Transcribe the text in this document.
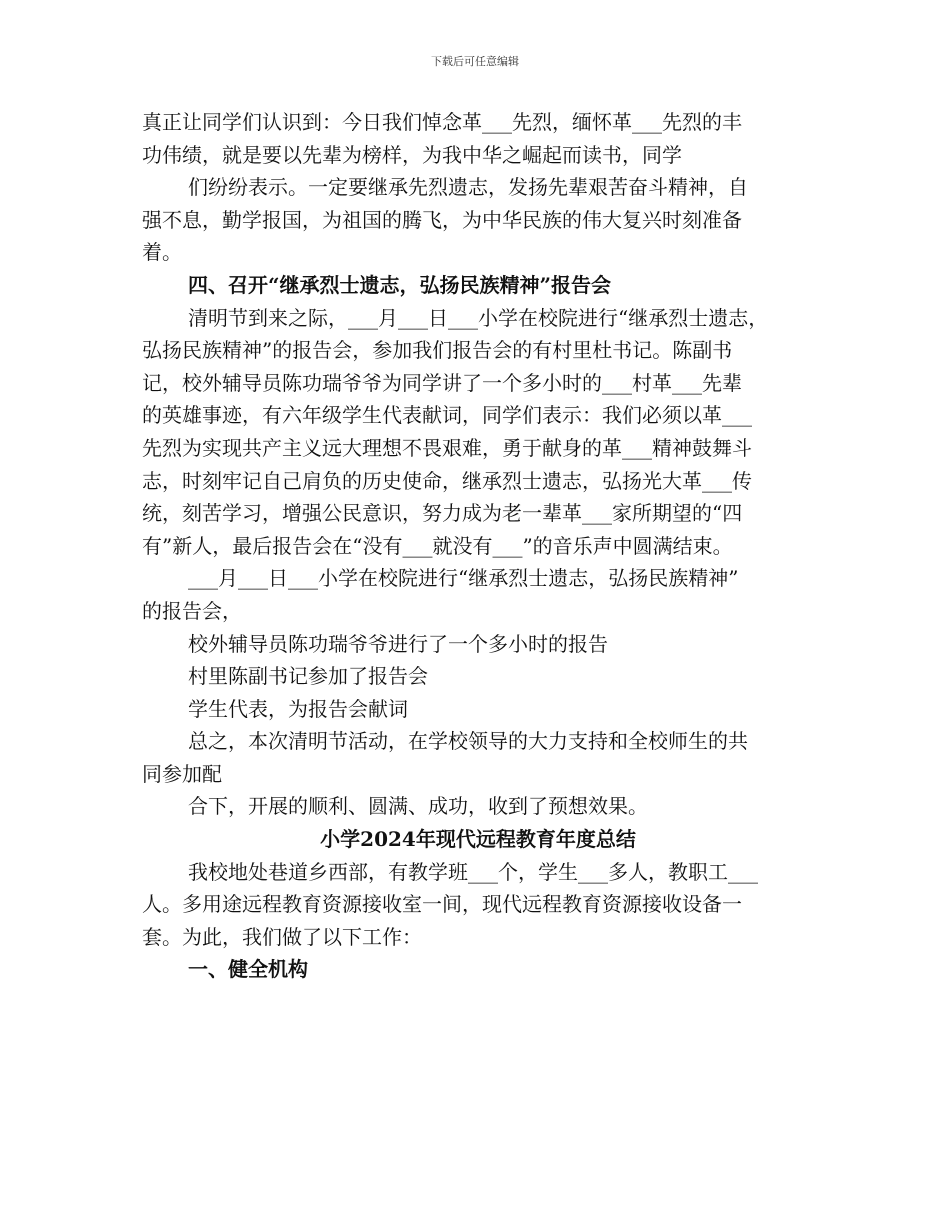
下载后可任意编辑
真正让同学们认识到：今日我们悼念革___先烈，缅怀革___先烈的丰
功伟绩，就是要以先辈为榜样，为我中华之崛起而读书，同学
们纷纷表示。一定要继承先烈遗志，发扬先辈艰苦奋斗精神，自
强不息，勤学报国，为祖国的腾飞，为中华民族的伟大复兴时刻准备
着。
四、召开“继承烈士遗志，弘扬民族精神”报告会
清明节到来之际，___月___日___小学在校院进行“继承烈士遗志，
弘扬民族精神”的报告会，参加我们报告会的有村里杜书记。陈副书
记，校外辅导员陈功瑞爷爷为同学讲了一个多小时的___村革___先辈
的英雄事迹，有六年级学生代表献词，同学们表示：我们必须以革___
先烈为实现共产主义远大理想不畏艰难，勇于献身的革___精神鼓舞斗
志，时刻牢记自己肩负的历史使命，继承烈士遗志，弘扬光大革___传
统，刻苦学习，增强公民意识，努力成为老一辈革___家所期望的“四
有”新人，最后报告会在“没有___就没有___”的音乐声中圆满结束。
___月___日___小学在校院进行“继承烈士遗志，弘扬民族精神”
的报告会，
校外辅导员陈功瑞爷爷进行了一个多小时的报告
村里陈副书记参加了报告会
学生代表，为报告会献词
总之，本次清明节活动，在学校领导的大力支持和全校师生的共
同参加配
合下，开展的顺利、圆满、成功，收到了预想效果。
小学2024年现代远程教育年度总结
我校地处巷道乡西部，有教学班___个，学生___多人，教职工___
人。多用途远程教育资源接收室一间，现代远程教育资源接收设备一
套。为此，我们做了以下工作：
一、健全机构
